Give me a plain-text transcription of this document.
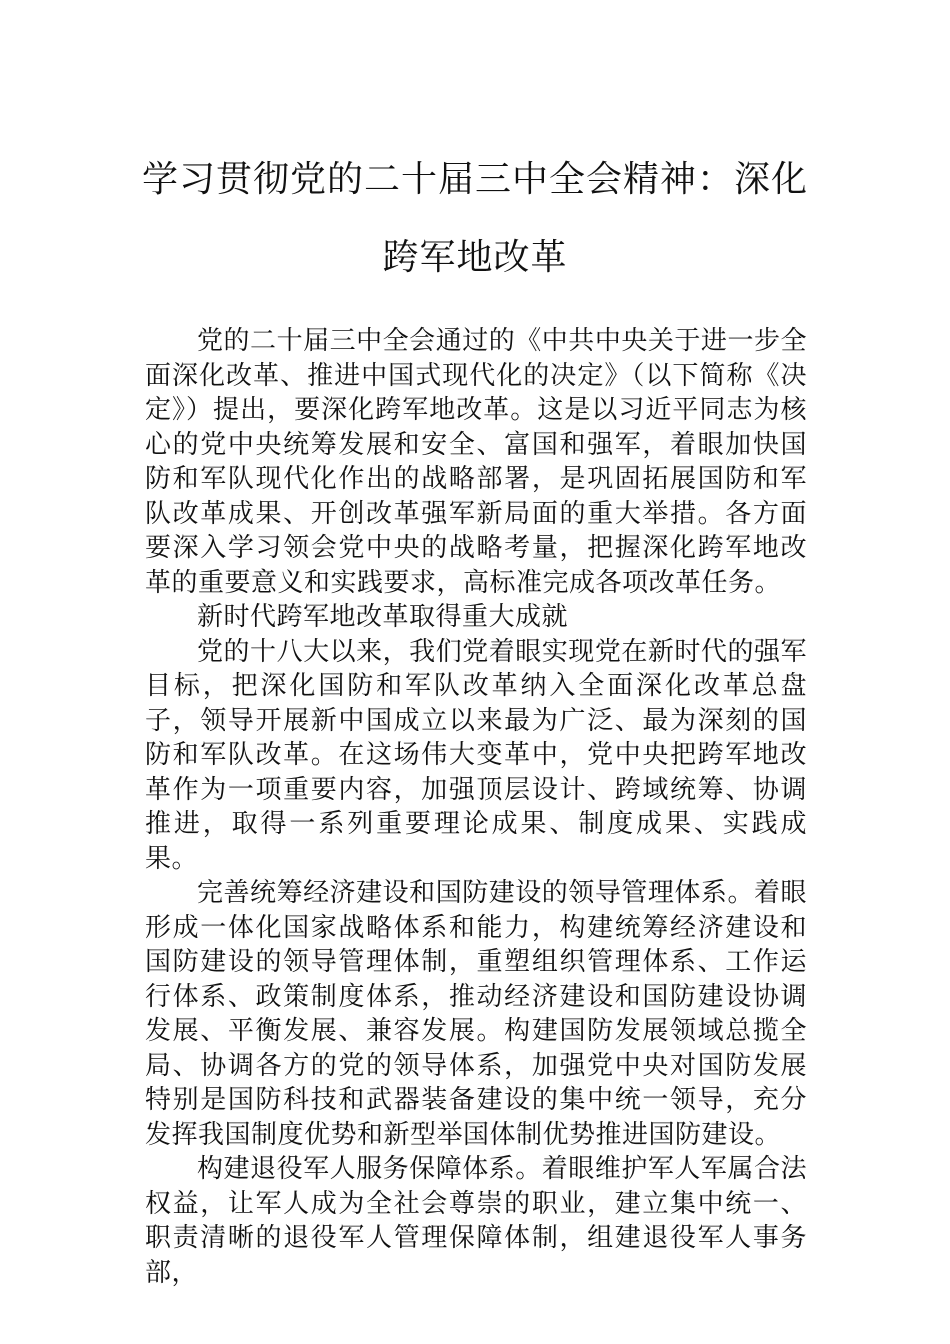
学习贯彻党的二十届三中全会精神：深化
跨军地改革

党的二十届三中全会通过的《中共中央关于进一步全面深化改革、推进中国式现代化的决定》（以下简称《决定》）提出，要深化跨军地改革。这是以习近平同志为核心的党中央统筹发展和安全、富国和强军，着眼加快国防和军队现代化作出的战略部署，是巩固拓展国防和军队改革成果、开创改革强军新局面的重大举措。各方面要深入学习领会党中央的战略考量，把握深化跨军地改革的重要意义和实践要求，高标准完成各项改革任务。

新时代跨军地改革取得重大成就

党的十八大以来，我们党着眼实现党在新时代的强军目标，把深化国防和军队改革纳入全面深化改革总盘子，领导开展新中国成立以来最为广泛、最为深刻的国防和军队改革。在这场伟大变革中，党中央把跨军地改革作为一项重要内容，加强顶层设计、跨域统筹、协调推进，取得一系列重要理论成果、制度成果、实践成果。

完善统筹经济建设和国防建设的领导管理体系。着眼形成一体化国家战略体系和能力，构建统筹经济建设和国防建设的领导管理体制，重塑组织管理体系、工作运行体系、政策制度体系，推动经济建设和国防建设协调发展、平衡发展、兼容发展。构建国防发展领域总揽全局、协调各方的党的领导体系，加强党中央对国防发展特别是国防科技和武器装备建设的集中统一领导，充分发挥我国制度优势和新型举国体制优势推进国防建设。

构建退役军人服务保障体系。着眼维护军人军属合法权益，让军人成为全社会尊崇的职业，建立集中统一、职责清晰的退役军人管理保障体制，组建退役军人事务部，
